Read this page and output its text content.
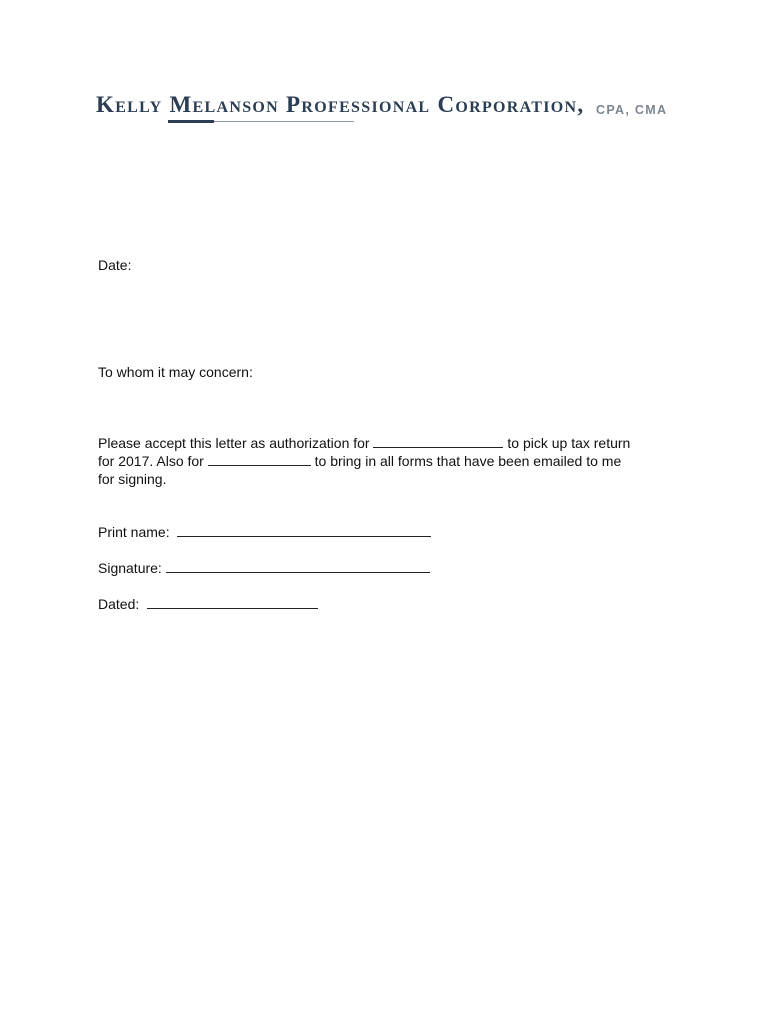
Kelly Melanson Professional Corporation, CPA, CMA
Date:
To whom it may concern:
Please accept this letter as authorization for	to pick up tax return
for 2017. Also for	to bring in all forms that have been emailed to me
for signing.
Print name:
Signature:
Dated:
